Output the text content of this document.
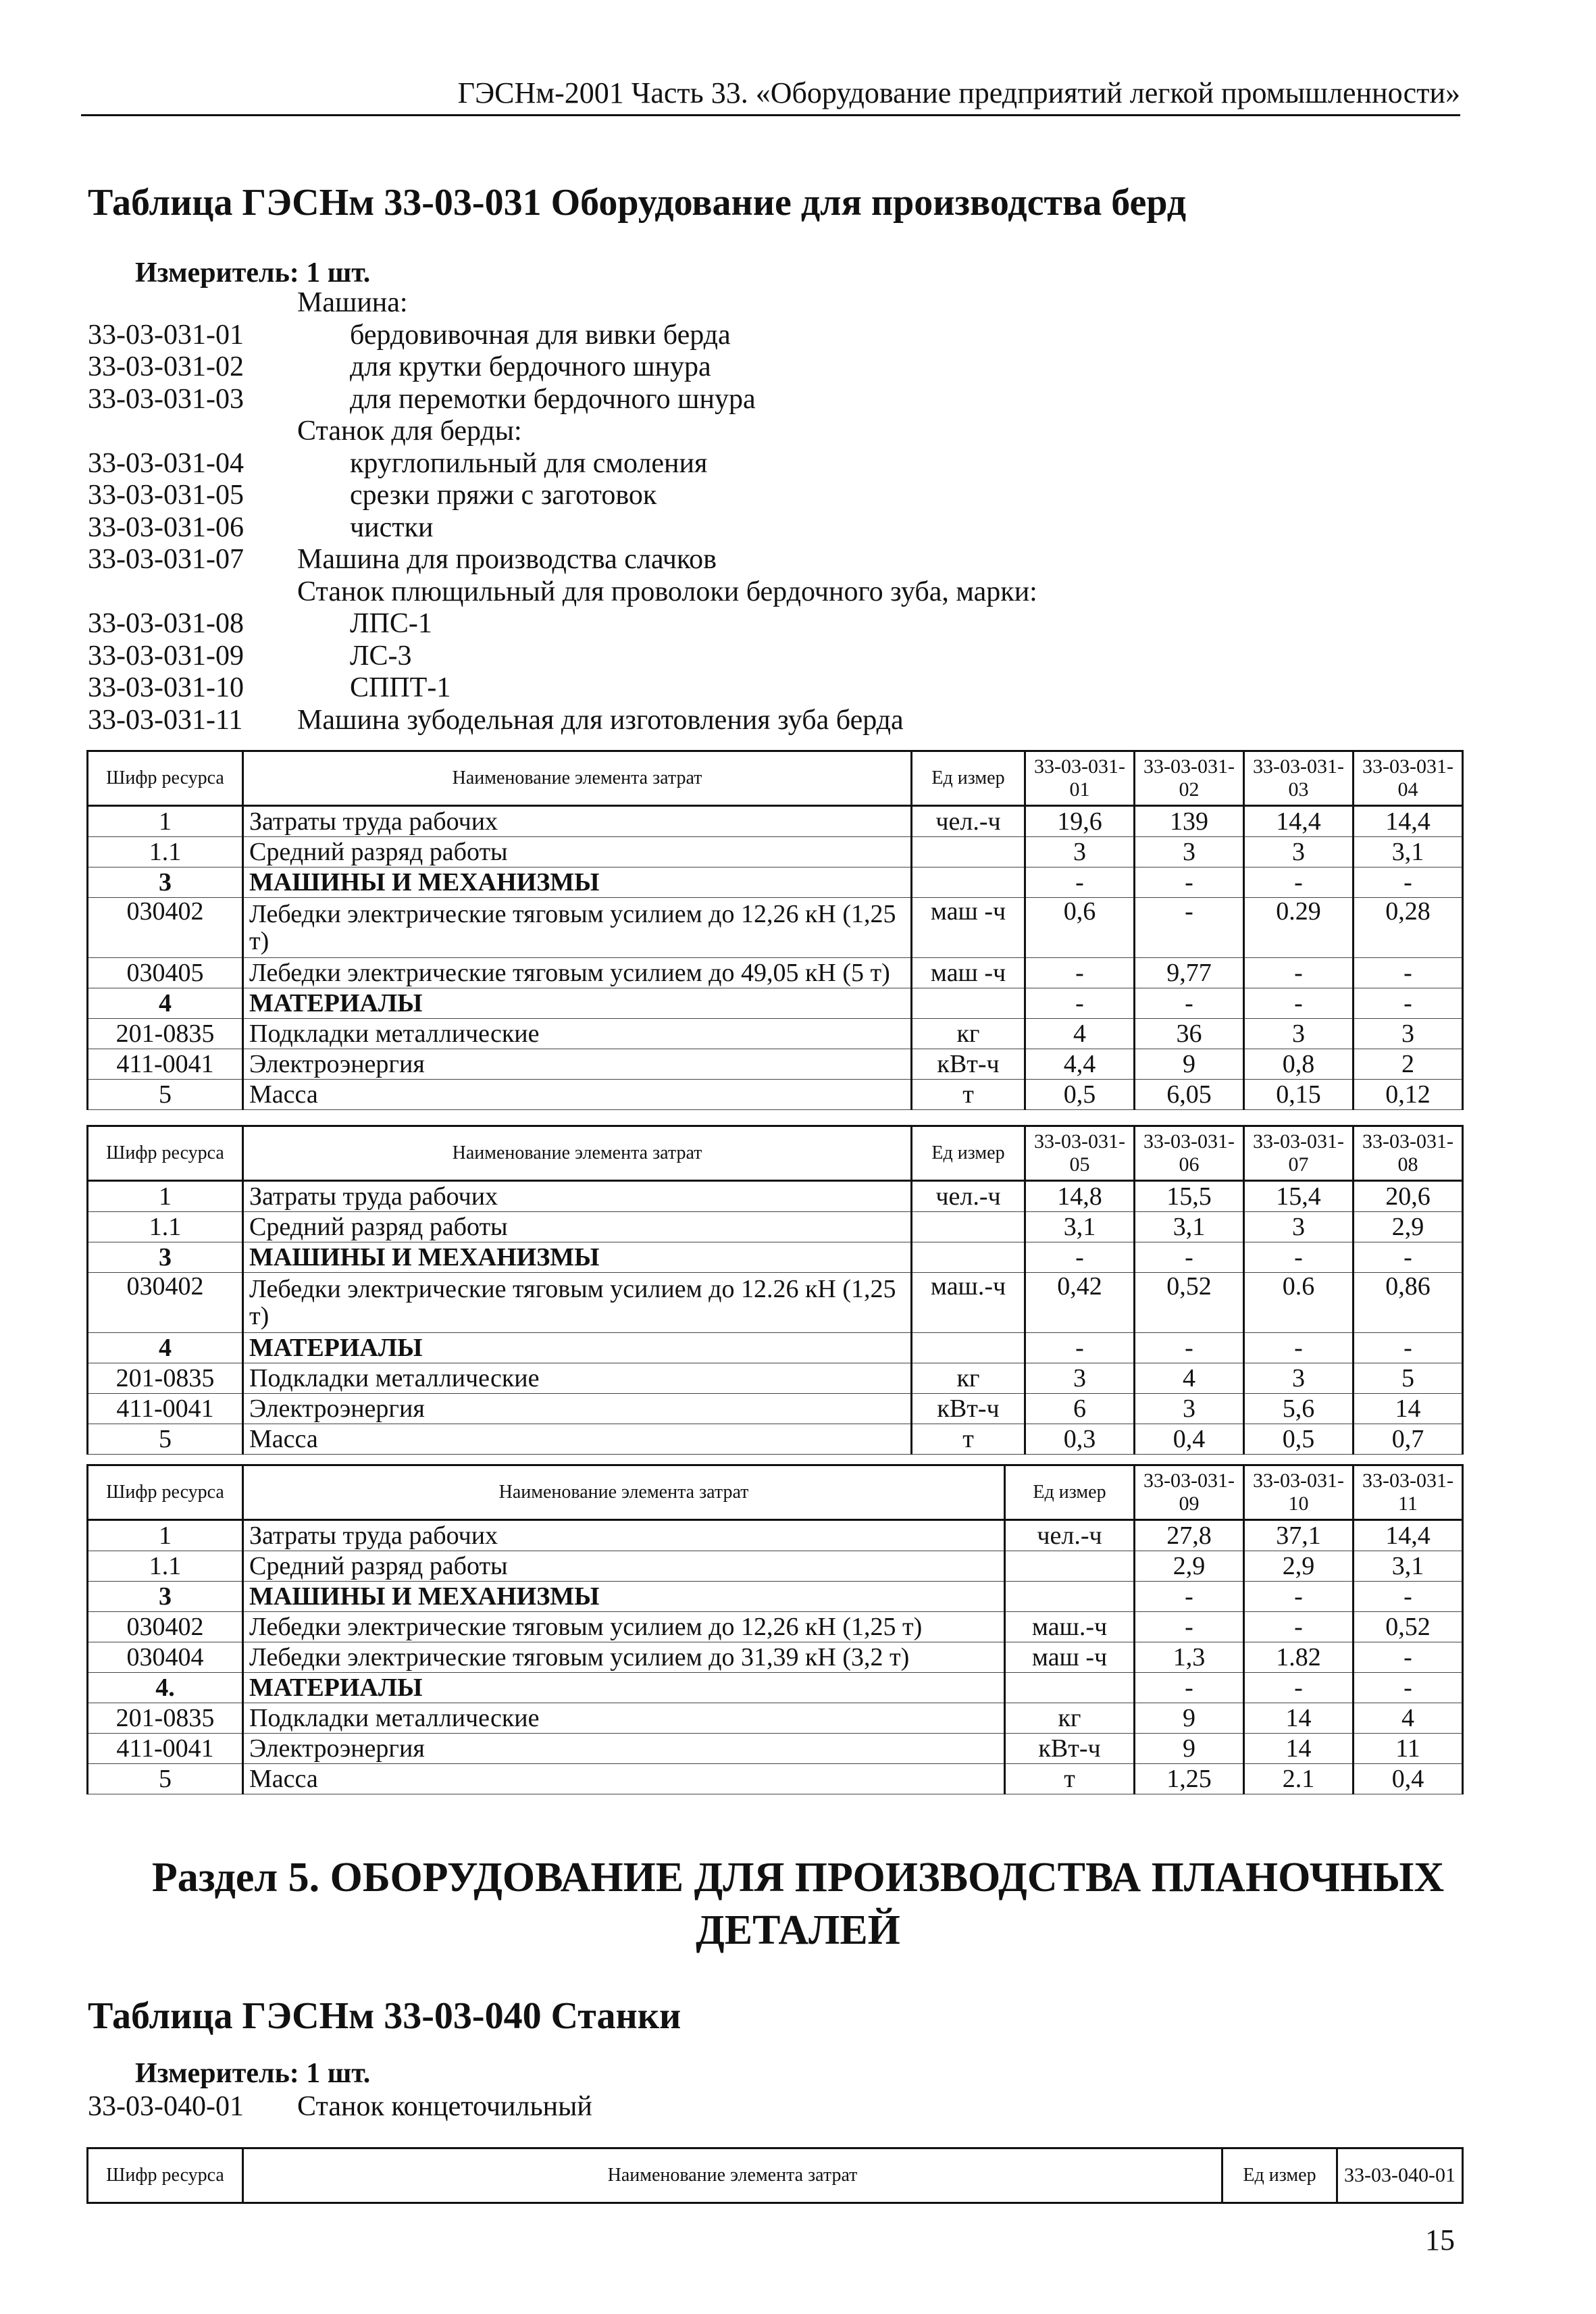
ГЭСНм-2001 Часть 33. «Оборудование предприятий легкой промышленности»
Таблица ГЭСНм 33-03-031 Оборудование для производства берд
Измеритель: 1 шт.
Машина:
33-03-031-01	бердовивочная для вивки берда
33-03-031-02	для крутки бердочного шнура
33-03-031-03	для перемотки бердочного шнура
Станок для берды:
33-03-031-04	круглопильный для смоления
33-03-031-05	срезки пряжи с заготовок
33-03-031-06	чистки
33-03-031-07	Машина для производства слачков
Станок плющильный для проволоки бердочного зуба, марки:
33-03-031-08	ЛПС-1
33-03-031-09	ЛС-3
33-03-031-10	СППТ-1
33-03-031-11	Машина зубодельная для изготовления зуба берда
Шифр ресурса	Наименование элемента затрат	Ед измер	33-03-031-01	33-03-031-02	33-03-031-03	33-03-031-04
1	Затраты труда рабочих	чел.-ч	19,6	139	14,4	14,4
1.1	Средний разряд работы		3	3	3	3,1
3	МАШИНЫ И МЕХАНИЗМЫ		-	-	-	-
030402	Лебедки электрические тяговым усилием до 12,26 кН (1,25 т)	маш -ч	0,6	-	0.29	0,28
030405	Лебедки электрические тяговым усилием до 49,05 кН (5 т)	маш -ч	-	9,77	-	-
4	МАТЕРИАЛЫ		-	-	-	-
201-0835	Подкладки металлические	кг	4	36	3	3
411-0041	Электроэнергия	кВт-ч	4,4	9	0,8	2
5	Масса	т	0,5	6,05	0,15	0,12
Шифр ресурса	Наименование элемента затрат	Ед измер	33-03-031-05	33-03-031-06	33-03-031-07	33-03-031-08
1	Затраты труда рабочих	чел.-ч	14,8	15,5	15,4	20,6
1.1	Средний разряд работы		3,1	3,1	3	2,9
3	МАШИНЫ И МЕХАНИЗМЫ		-	-	-	-
030402	Лебедки электрические тяговым усилием до 12.26 кН (1,25 т)	маш.-ч	0,42	0,52	0.6	0,86
4	МАТЕРИАЛЫ		-	-	-	-
201-0835	Подкладки металлические	кг	3	4	3	5
411-0041	Электроэнергия	кВт-ч	6	3	5,6	14
5	Масса	т	0,3	0,4	0,5	0,7
Шифр ресурса	Наименование элемента затрат	Ед измер	33-03-031-09	33-03-031-10	33-03-031-11
1	Затраты труда рабочих	чел.-ч	27,8	37,1	14,4
1.1	Средний разряд работы		2,9	2,9	3,1
3	МАШИНЫ И МЕХАНИЗМЫ		-	-	-
030402	Лебедки электрические тяговым усилием до 12,26 кН (1,25 т)	маш.-ч	-	-	0,52
030404	Лебедки электрические тяговым усилием до 31,39 кН (3,2 т)	маш -ч	1,3	1.82	-
4.	МАТЕРИАЛЫ		-	-	-
201-0835	Подкладки металлические	кг	9	14	4
411-0041	Электроэнергия	кВт-ч	9	14	11
5	Масса	т	1,25	2.1	0,4
Раздел 5. ОБОРУДОВАНИЕ ДЛЯ ПРОИЗВОДСТВА ПЛАНОЧНЫХ ДЕТАЛЕЙ
Таблица ГЭСНм 33-03-040 Станки
Измеритель: 1 шт.
33-03-040-01	Станок концеточильный
Шифр ресурса	Наименование элемента затрат	Ед измер	33-03-040-01
15
